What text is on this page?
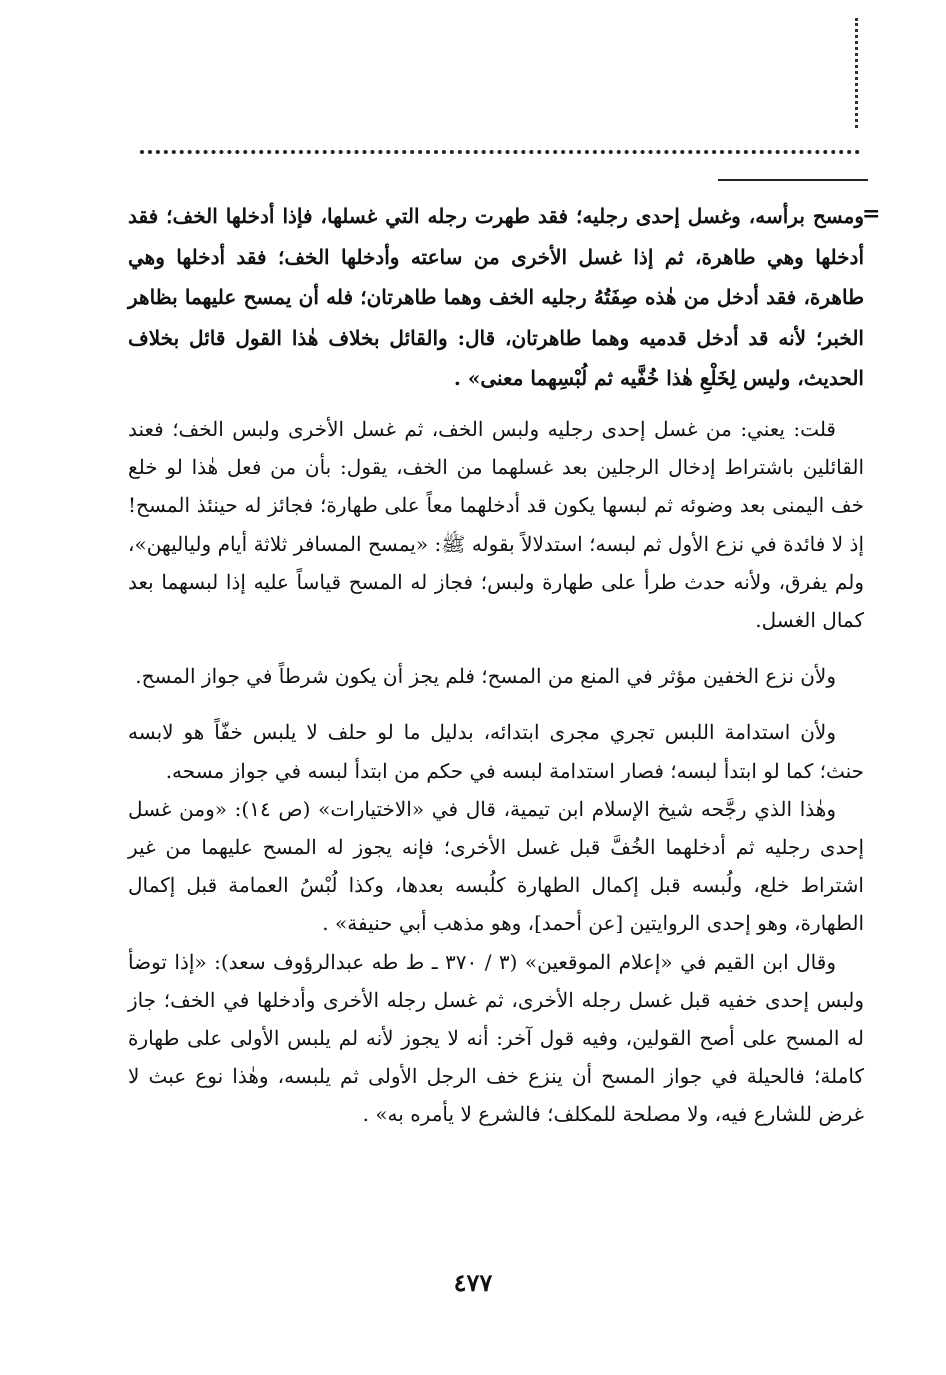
=

ومسح برأسه، وغسل إحدى رجليه؛ فقد طهرت رجله التي غسلها، فإذا أدخلها الخف؛ فقد أدخلها وهي طاهرة، ثم إذا غسل الأخرى من ساعته وأدخلها الخف؛ فقد أدخلها وهي طاهرة، فقد أدخل من هٰذه صِفَتُهُ رجليه الخف وهما طاهرتان؛ فله أن يمسح عليهما بظاهر الخبر؛ لأنه قد أدخل قدميه وهما طاهرتان، قال: والقائل بخلاف هٰذا القول قائل بخلاف الحديث، وليس لِخَلْعِ هٰذا خُفَّيه ثم لُبْسِهما معنى» .

قلت: يعني: من غسل إحدى رجليه ولبس الخف، ثم غسل الأخرى ولبس الخف؛ فعند القائلين باشتراط إدخال الرجلين بعد غسلهما من الخف، يقول: بأن من فعل هٰذا لو خلع خف اليمنى بعد وضوئه ثم لبسها يكون قد أدخلهما معاً على طهارة؛ فجائز له حينئذ المسح! إذ لا فائدة في نزع الأول ثم لبسه؛ استدلالاً بقوله ﷺ: «يمسح المسافر ثلاثة أيام ولياليهن»، ولم يفرق، ولأنه حدث طرأ على طهارة ولبس؛ فجاز له المسح قياساً عليه إذا لبسهما بعد كمال الغسل.

ولأن نزع الخفين مؤثر في المنع من المسح؛ فلم يجز أن يكون شرطاً في جواز المسح.

ولأن استدامة اللبس تجري مجرى ابتدائه، بدليل ما لو حلف لا يلبس خفّاً هو لابسه حنث؛ كما لو ابتدأ لبسه؛ فصار استدامة لبسه في حكم من ابتدأ لبسه في جواز مسحه.

وهٰذا الذي رجَّحه شيخ الإسلام ابن تيمية، قال في «الاختيارات» (ص ١٤): «ومن غسل إحدى رجليه ثم أدخلهما الخُفَّ قبل غسل الأخرى؛ فإنه يجوز له المسح عليهما من غير اشتراط خلع، ولُبسه قبل إكمال الطهارة كلُبسه بعدها، وكذا لُبْسُ العمامة قبل إكمال الطهارة، وهو إحدى الروايتين [عن أحمد]، وهو مذهب أبي حنيفة» .

وقال ابن القيم في «إعلام الموقعين» (٣ / ٣٧٠ ـ ط طه عبدالرؤوف سعد): «إذا توضأ ولبس إحدى خفيه قبل غسل رجله الأخرى، ثم غسل رجله الأخرى وأدخلها في الخف؛ جاز له المسح على أصح القولين، وفيه قول آخر: أنه لا يجوز لأنه لم يلبس الأولى على طهارة كاملة؛ فالحيلة في جواز المسح أن ينزع خف الرجل الأولى ثم يلبسه، وهٰذا نوع عبث لا غرض للشارع فيه، ولا مصلحة للمكلف؛ فالشرع لا يأمره به» .

٤٧٧
